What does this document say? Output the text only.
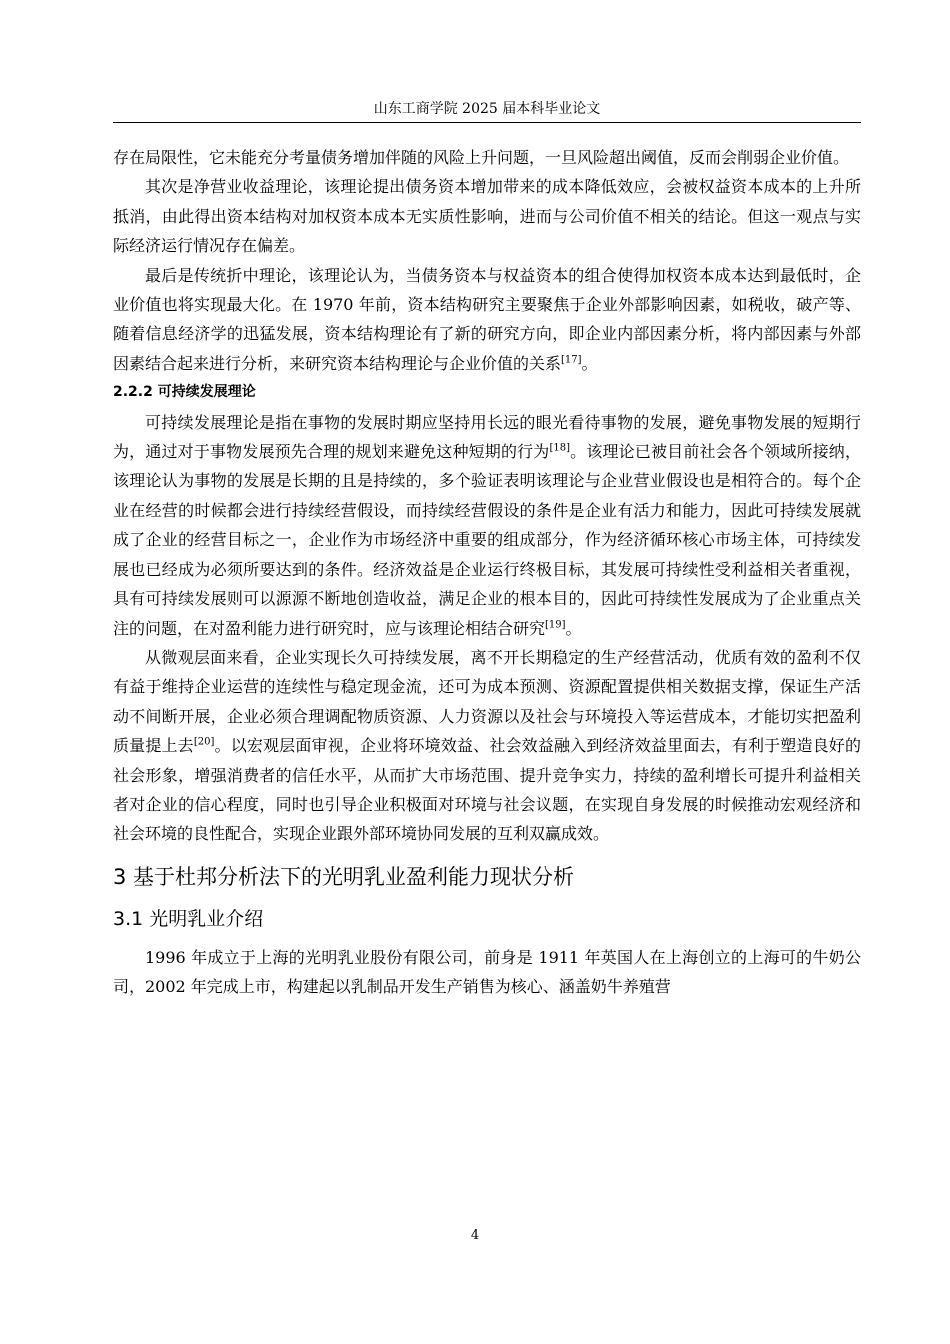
山东工商学院 2025 届本科毕业论文

存在局限性，它未能充分考量债务增加伴随的风险上升问题，一旦风险超出阈值，反而会削弱企业价值。

其次是净营业收益理论，该理论提出债务资本增加带来的成本降低效应，会被权益资本成本的上升所抵消，由此得出资本结构对加权资本成本无实质性影响，进而与公司价值不相关的结论。但这一观点与实际经济运行情况存在偏差。

最后是传统折中理论，该理论认为，当债务资本与权益资本的组合使得加权资本成本达到最低时，企业价值也将实现最大化。在 1970 年前，资本结构研究主要聚焦于企业外部影响因素，如税收，破产等、随着信息经济学的迅猛发展，资本结构理论有了新的研究方向，即企业内部因素分析，将内部因素与外部因素结合起来进行分析，来研究资本结构理论与企业价值的关系[17]。

2.2.2 可持续发展理论

可持续发展理论是指在事物的发展时期应坚持用长远的眼光看待事物的发展，避免事物发展的短期行为，通过对于事物发展预先合理的规划来避免这种短期的行为[18]。该理论已被目前社会各个领域所接纳，该理论认为事物的发展是长期的且是持续的，多个验证表明该理论与企业营业假设也是相符合的。每个企业在经营的时候都会进行持续经营假设，而持续经营假设的条件是企业有活力和能力，因此可持续发展就成了企业的经营目标之一，企业作为市场经济中重要的组成部分，作为经济循环核心市场主体，可持续发展也已经成为必须所要达到的条件。经济效益是企业运行终极目标，其发展可持续性受利益相关者重视，具有可持续发展则可以源源不断地创造收益，满足企业的根本目的，因此可持续性发展成为了企业重点关注的问题，在对盈利能力进行研究时，应与该理论相结合研究[19]。

从微观层面来看，企业实现长久可持续发展，离不开长期稳定的生产经营活动，优质有效的盈利不仅有益于维持企业运营的连续性与稳定现金流，还可为成本预测、资源配置提供相关数据支撑，保证生产活动不间断开展，企业必须合理调配物质资源、人力资源以及社会与环境投入等运营成本，才能切实把盈利质量提上去[20]。以宏观层面审视，企业将环境效益、社会效益融入到经济效益里面去，有利于塑造良好的社会形象，增强消费者的信任水平，从而扩大市场范围、提升竞争实力，持续的盈利增长可提升利益相关者对企业的信心程度，同时也引导企业积极面对环境与社会议题，在实现自身发展的时候推动宏观经济和社会环境的良性配合，实现企业跟外部环境协同发展的互利双赢成效。

3 基于杜邦分析法下的光明乳业盈利能力现状分析
3.1 光明乳业介绍

1996 年成立于上海的光明乳业股份有限公司，前身是 1911 年英国人在上海创立的上海可的牛奶公司，2002 年完成上市，构建起以乳制品开发生产销售为核心、涵盖奶牛养殖营

4
